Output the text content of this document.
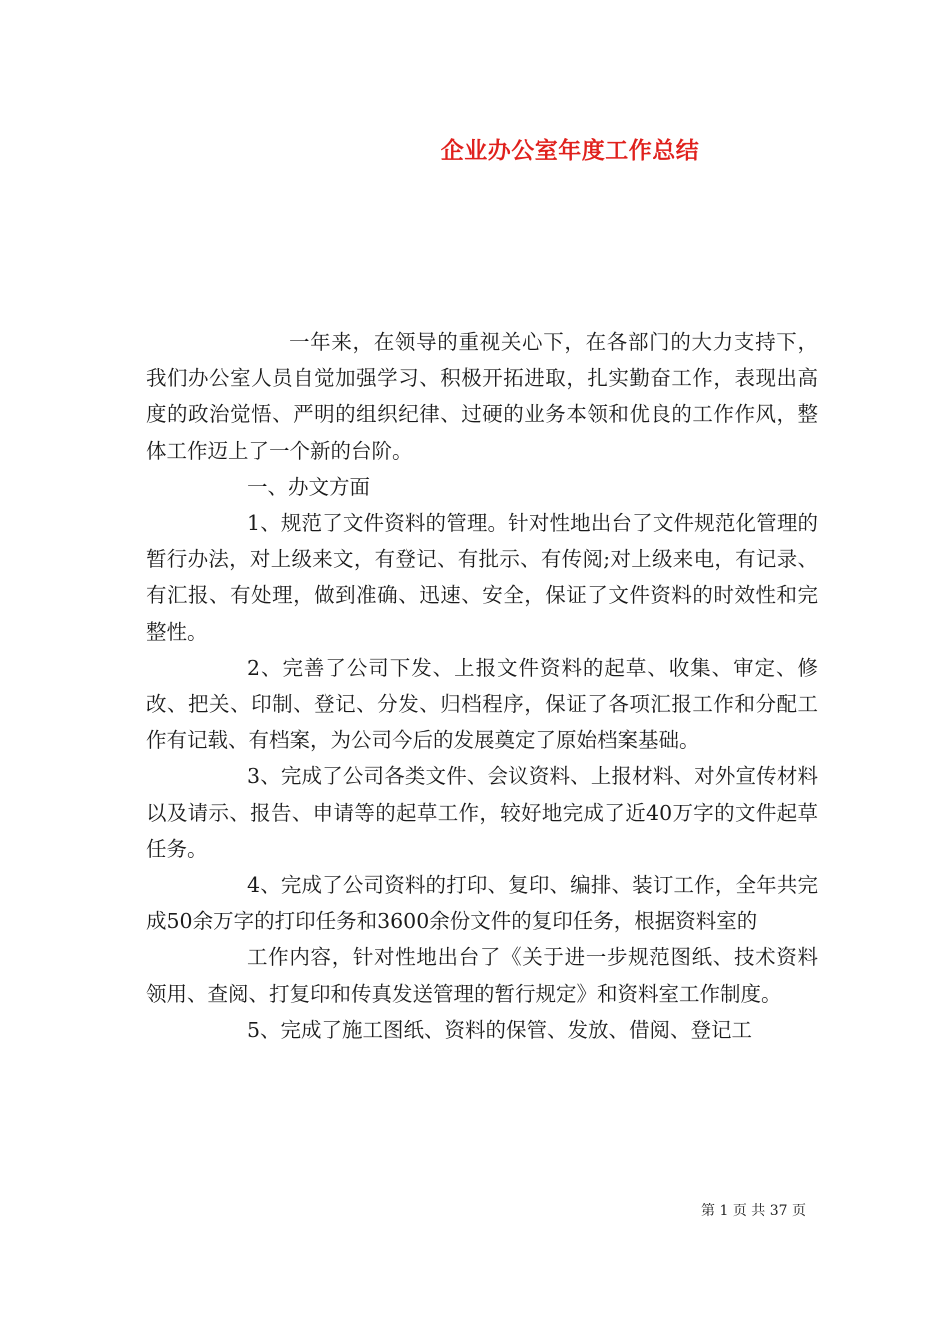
企业办公室年度工作总结

一年来，在领导的重视关心下，在各部门的大力支持下，我们办公室人员自觉加强学习、积极开拓进取，扎实勤奋工作，表现出高度的政治觉悟、严明的组织纪律、过硬的业务本领和优良的工作作风，整体工作迈上了一个新的台阶。

一、办文方面

1、规范了文件资料的管理。针对性地出台了文件规范化管理的暂行办法，对上级来文，有登记、有批示、有传阅;对上级来电，有记录、有汇报、有处理，做到准确、迅速、安全，保证了文件资料的时效性和完整性。

2、完善了公司下发、上报文件资料的起草、收集、审定、修改、把关、印制、登记、分发、归档程序，保证了各项汇报工作和分配工作有记载、有档案，为公司今后的发展奠定了原始档案基础。

3、完成了公司各类文件、会议资料、上报材料、对外宣传材料以及请示、报告、申请等的起草工作，较好地完成了近40万字的文件起草任务。

4、完成了公司资料的打印、复印、编排、装订工作，全年共完成50余万字的打印任务和3600余份文件的复印任务，根据资料室的

工作内容，针对性地出台了《关于进一步规范图纸、技术资料领用、查阅、打复印和传真发送管理的暂行规定》和资料室工作制度。

5、完成了施工图纸、资料的保管、发放、借阅、登记工

第 1 页 共 37 页
